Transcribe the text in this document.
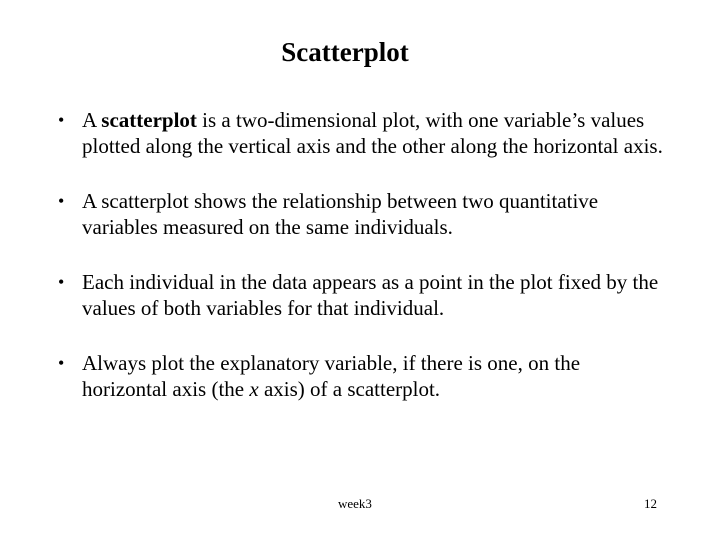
Scatterplot
• A scatterplot is a two-dimensional plot, with one variable’s values plotted along the vertical axis and the other along the horizontal axis.
• A scatterplot shows the relationship between two quantitative variables measured on the same individuals.
• Each individual in the data appears as a point in the plot fixed by the values of both variables for that individual.
• Always plot the explanatory variable, if there is one, on the horizontal axis (the x axis) of a scatterplot.
week3	12
